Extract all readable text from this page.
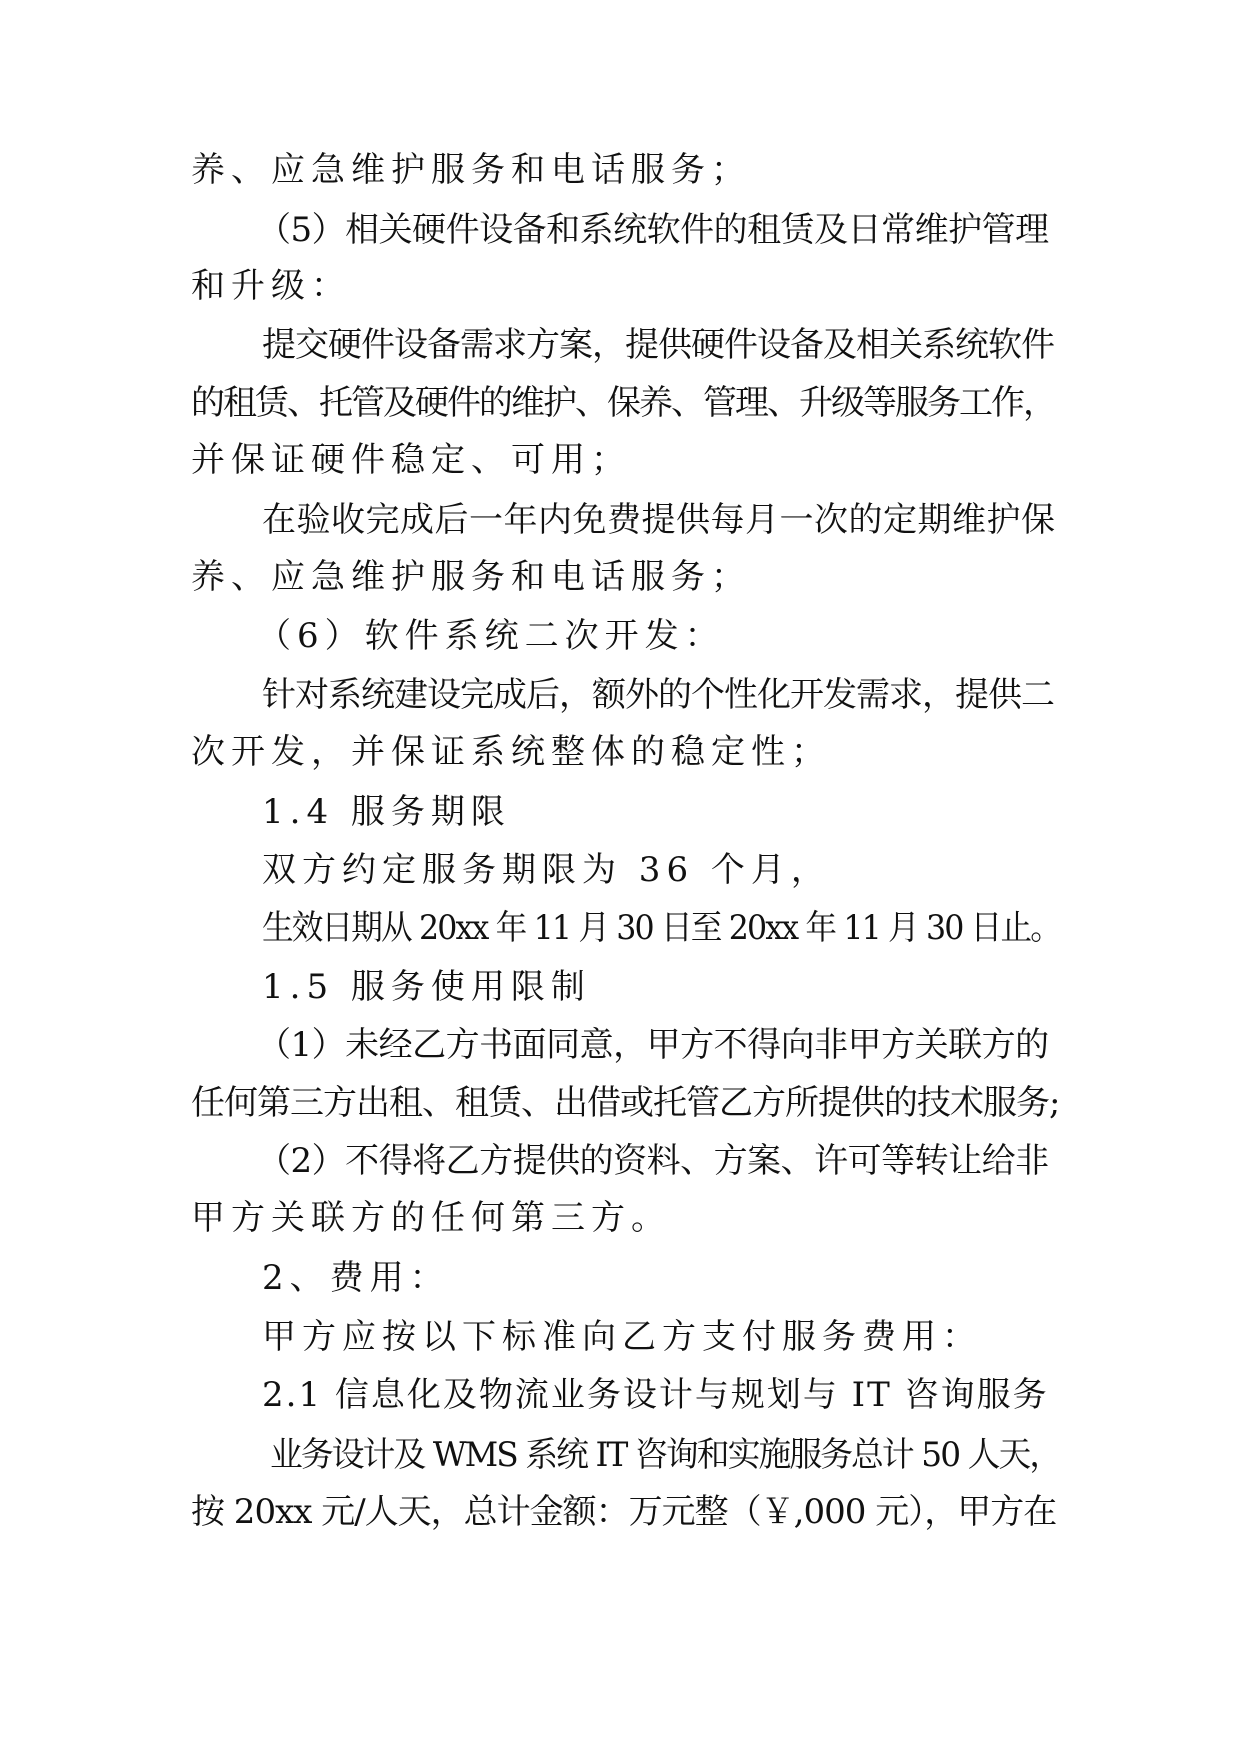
养、应急维护服务和电话服务；
（5）相关硬件设备和系统软件的租赁及日常维护管理
和升级：
提交硬件设备需求方案，提供硬件设备及相关系统软件
的租赁、托管及硬件的维护、保养、管理、升级等服务工作，
并保证硬件稳定、可用；
在验收完成后一年内免费提供每月一次的定期维护保
养、应急维护服务和电话服务；
（6）软件系统二次开发：
针对系统建设完成后，额外的个性化开发需求，提供二
次开发，并保证系统整体的稳定性；
1.4 服务期限
双方约定服务期限为 36 个月，
生效日期从 20xx 年 11 月 30 日至 20xx 年 11 月 30 日止。
1.5 服务使用限制
（1）未经乙方书面同意，甲方不得向非甲方关联方的
任何第三方出租、租赁、出借或托管乙方所提供的技术服务;
（2）不得将乙方提供的资料、方案、许可等转让给非
甲方关联方的任何第三方。
2、费用：
甲方应按以下标准向乙方支付服务费用：
2.1 信息化及物流业务设计与规划与 IT 咨询服务
业务设计及 WMS 系统 IT 咨询和实施服务总计 50 人天，
按 20xx 元/人天，总计金额：万元整（￥,000 元），甲方在
